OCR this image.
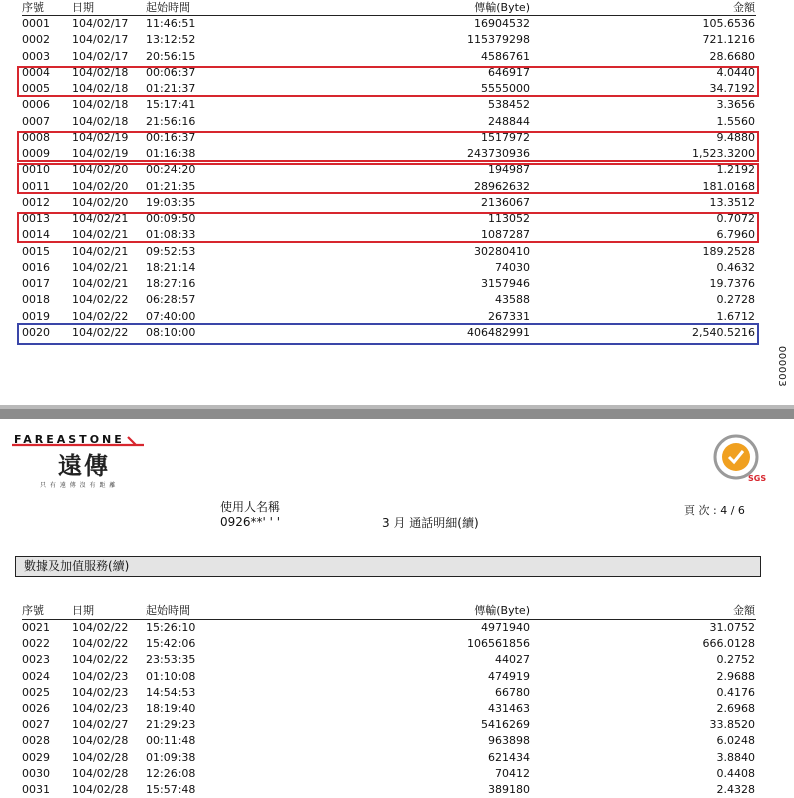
序號	日期	起始時間	傳輸(Byte)	金額
0001	104/02/17	11:46:51	16904532	105.6536
0002	104/02/17	13:12:52	115379298	721.1216
0003	104/02/17	20:56:15	4586761	28.6680
0004	104/02/18	00:06:37	646917	4.0440
0005	104/02/18	01:21:37	5555000	34.7192
0006	104/02/18	15:17:41	538452	3.3656
0007	104/02/18	21:56:16	248844	1.5560
0008	104/02/19	00:16:37	1517972	9.4880
0009	104/02/19	01:16:38	243730936	1,523.3200
0010	104/02/20	00:24:20	194987	1.2192
0011	104/02/20	01:21:35	28962632	181.0168
0012	104/02/20	19:03:35	2136067	13.3512
0013	104/02/21	00:09:50	113052	0.7072
0014	104/02/21	01:08:33	1087287	6.7960
0015	104/02/21	09:52:53	30280410	189.2528
0016	104/02/21	18:21:14	74030	0.4632
0017	104/02/21	18:27:16	3157946	19.7376
0018	104/02/22	06:28:57	43588	0.2728
0019	104/02/22	07:40:00	267331	1.6712
0020	104/02/22	08:10:00	406482991	2,540.5216
000003
FAREASTONE
遠傳
只 有 遠 傳 沒 有 距 離
SGS
使用人名稱
0926**' ' '	3 月 通話明細(續)
頁 次 : 4 / 6
數據及加值服務(續)
序號	日期	起始時間	傳輸(Byte)	金額
0021	104/02/22	15:26:10	4971940	31.0752
0022	104/02/22	15:42:06	106561856	666.0128
0023	104/02/22	23:53:35	44027	0.2752
0024	104/02/23	01:10:08	474919	2.9688
0025	104/02/23	14:54:53	66780	0.4176
0026	104/02/23	18:19:40	431463	2.6968
0027	104/02/27	21:29:23	5416269	33.8520
0028	104/02/28	00:11:48	963898	6.0248
0029	104/02/28	01:09:38	621434	3.8840
0030	104/02/28	12:26:08	70412	0.4408
0031	104/02/28	15:57:48	389180	2.4328
